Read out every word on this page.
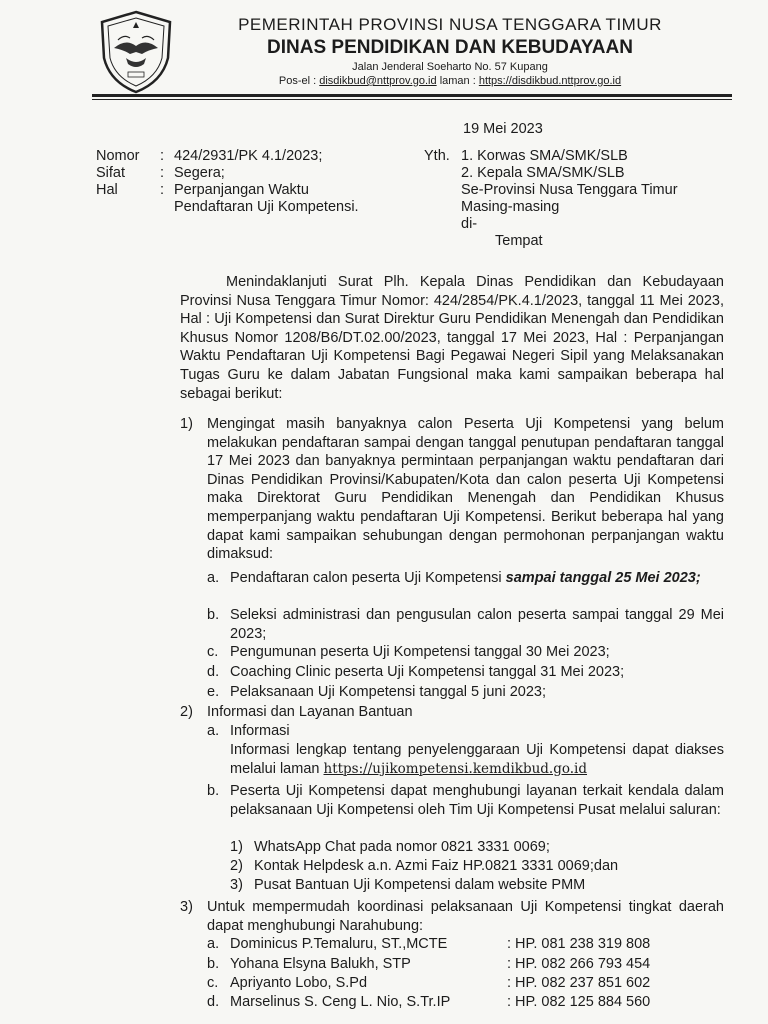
PEMERINTAH PROVINSI NUSA TENGGARA TIMUR
DINAS PENDIDIKAN DAN KEBUDAYAAN
Jalan Jenderal Soeharto No. 57 Kupang
Pos-el : disdikbud@nttprov.go.id laman : https://disdikbud.nttprov.go.id
19 Mei 2023
Nomor : 424/2931/PK 4.1/2023;
Sifat : Segera;
Hal	: Perpanjangan Waktu
Pendaftaran Uji Kompetensi.
Yth. 1. Korwas SMA/SMK/SLB
2. Kepala SMA/SMK/SLB
Se-Provinsi Nusa Tenggara Timur
Masing-masing
di-
Tempat
Menindaklanjuti Surat Plh. Kepala Dinas Pendidikan dan Kebudayaan Provinsi Nusa Tenggara Timur Nomor: 424/2854/PK.4.1/2023, tanggal 11 Mei 2023, Hal : Uji Kompetensi dan Surat Direktur Guru Pendidikan Menengah dan Pendidikan Khusus Nomor 1208/B6/DT.02.00/2023, tanggal 17 Mei 2023, Hal : Perpanjangan Waktu Pendaftaran Uji Kompetensi Bagi Pegawai Negeri Sipil yang Melaksanakan Tugas Guru ke dalam Jabatan Fungsional maka kami sampaikan beberapa hal sebagai berikut:
1) Mengingat masih banyaknya calon Peserta Uji Kompetensi yang belum melakukan pendaftaran sampai dengan tanggal penutupan pendaftaran tanggal 17 Mei 2023 dan banyaknya permintaan perpanjangan waktu pendaftaran dari Dinas Pendidikan Provinsi/Kabupaten/Kota dan calon peserta Uji Kompetensi maka Direktorat Guru Pendidikan Menengah dan Pendidikan Khusus memperpanjang waktu pendaftaran Uji Kompetensi. Berikut beberapa hal yang dapat kami sampaikan sehubungan dengan permohonan perpanjangan waktu dimaksud:
a. Pendaftaran calon peserta Uji Kompetensi sampai tanggal 25 Mei 2023;
b. Seleksi administrasi dan pengusulan calon peserta sampai tanggal 29 Mei 2023;
c. Pengumunan peserta Uji Kompetensi tanggal 30 Mei 2023;
d. Coaching Clinic peserta Uji Kompetensi tanggal 31 Mei 2023;
e. Pelaksanaan Uji Kompetensi tanggal 5 juni 2023;
2) Informasi dan Layanan Bantuan
a. Informasi
Informasi lengkap tentang penyelenggaraan Uji Kompetensi dapat diakses melalui laman https://ujikompetensi.kemdikbud.go.id
b. Peserta Uji Kompetensi dapat menghubungi layanan terkait kendala dalam pelaksanaan Uji Kompetensi oleh Tim Uji Kompetensi Pusat melalui saluran:
1) WhatsApp Chat pada nomor 0821 3331 0069;
2) Kontak Helpdesk a.n. Azmi Faiz HP.0821 3331 0069;dan
3) Pusat Bantuan Uji Kompetensi dalam website PMM
3) Untuk mempermudah koordinasi pelaksanaan Uji Kompetensi tingkat daerah dapat menghubungi Narahubung:
a. Dominicus P.Temaluru, ST.,MCTE	: HP. 081 238 319 808
b. Yohana Elsyna Balukh, STP	: HP. 082 266 793 454
c. Apriyanto Lobo, S.Pd	: HP. 082 237 851 602
d. Marselinus S. Ceng L. Nio, S.Tr.IP	: HP. 082 125 884 560
